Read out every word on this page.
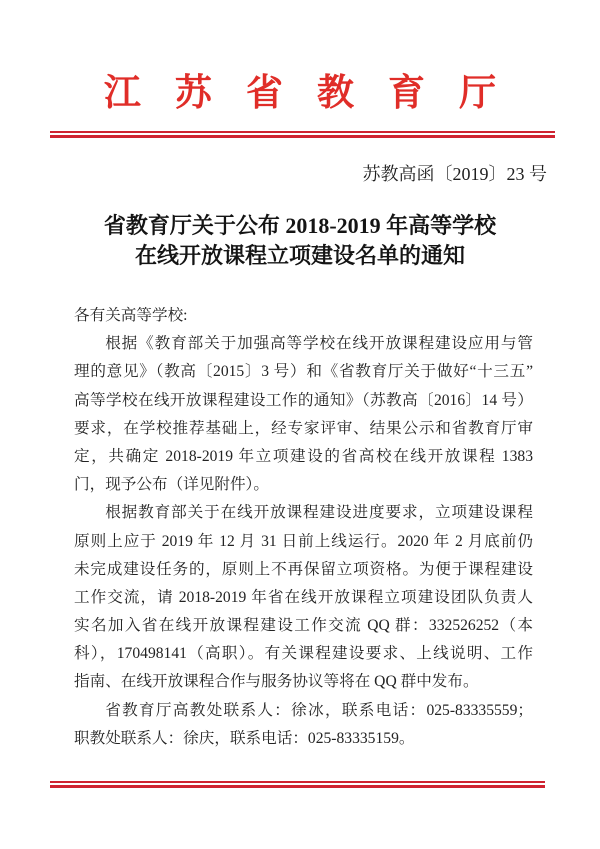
江苏省教育厅
苏教高函〔2019〕23 号
省教育厅关于公布 2018-2019 年高等学校
在线开放课程立项建设名单的通知
各有关高等学校:
根据《教育部关于加强高等学校在线开放课程建设应用与管
理的意见》（教高〔2015〕3 号）和《省教育厅关于做好“十三五”
高等学校在线开放课程建设工作的通知》（苏教高〔2016〕14 号）
要求，在学校推荐基础上，经专家评审、结果公示和省教育厅审
定，共确定 2018-2019 年立项建设的省高校在线开放课程 1383
门，现予公布（详见附件）。
根据教育部关于在线开放课程建设进度要求，立项建设课程
原则上应于 2019 年 12 月 31 日前上线运行。2020 年 2 月底前仍
未完成建设任务的，原则上不再保留立项资格。为便于课程建设
工作交流，请 2018-2019 年省在线开放课程立项建设团队负责人
实名加入省在线开放课程建设工作交流 QQ 群：332526252（本
科），170498141（高职）。有关课程建设要求、上线说明、工作
指南、在线开放课程合作与服务协议等将在 QQ 群中发布。
省教育厅高教处联系人：徐冰，联系电话：025-83335559；
职教处联系人：徐庆，联系电话：025-83335159。
